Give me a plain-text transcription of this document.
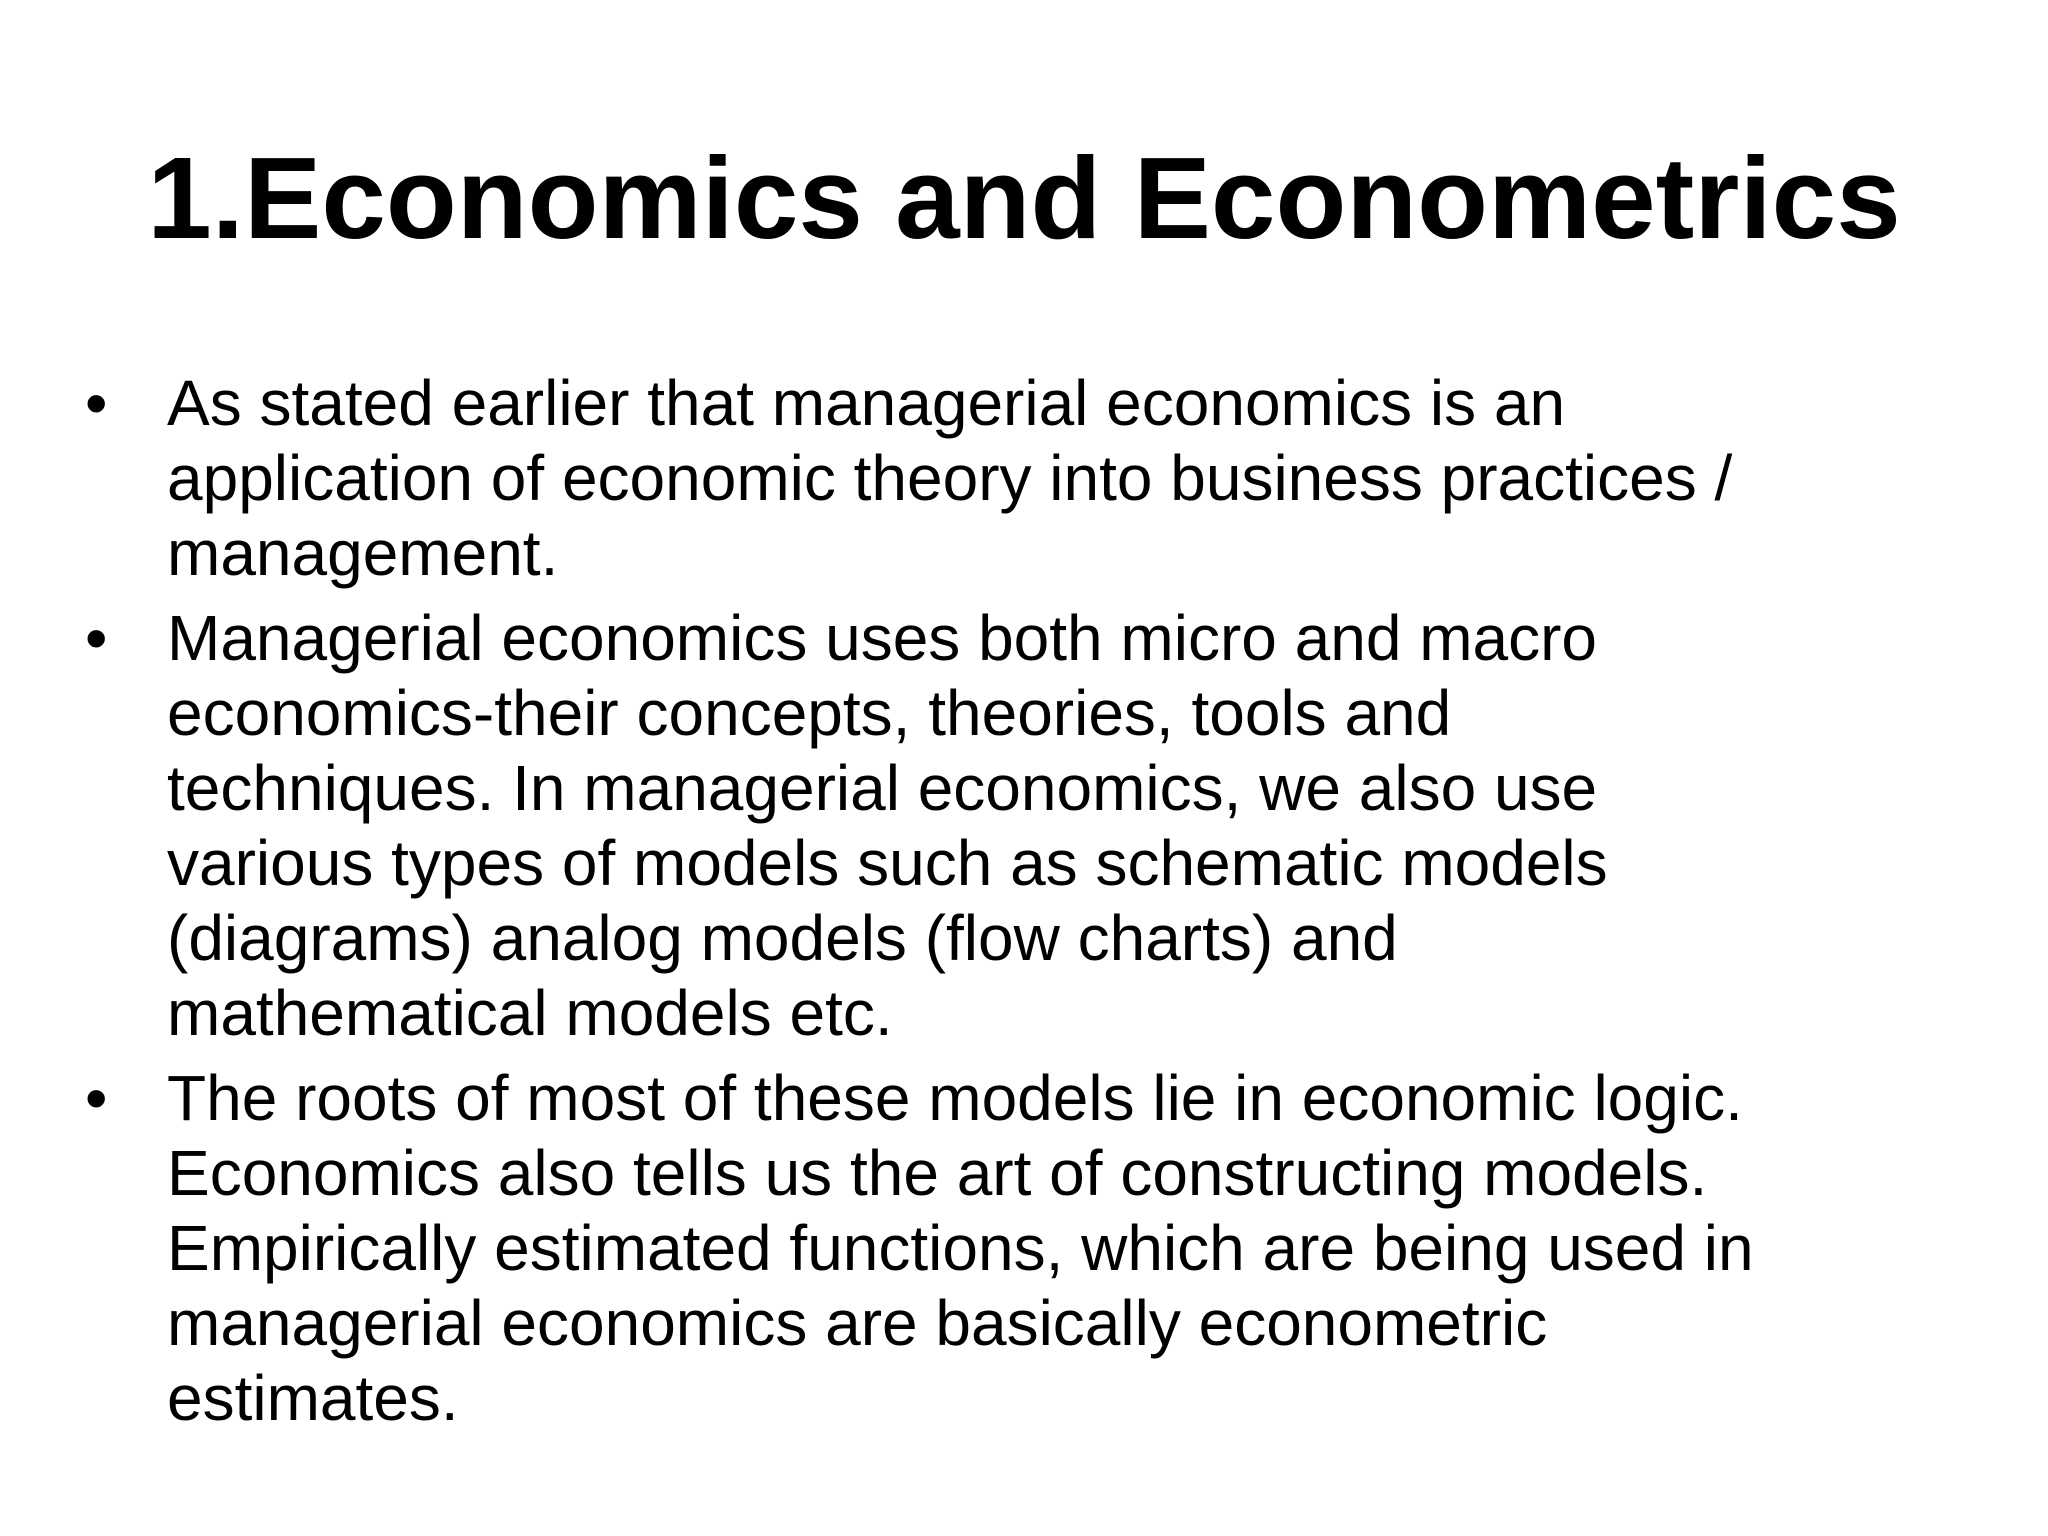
1.Economics and Econometrics
• As stated earlier that managerial economics is an
application of economic theory into business practices /
management.
• Managerial economics uses both micro and macro
economics-their concepts, theories, tools and
techniques. In managerial economics, we also use
various types of models such as schematic models
(diagrams) analog models (flow charts) and
mathematical models etc.
• The roots of most of these models lie in economic logic.
Economics also tells us the art of constructing models.
Empirically estimated functions, which are being used in
managerial economics are basically econometric
estimates.
